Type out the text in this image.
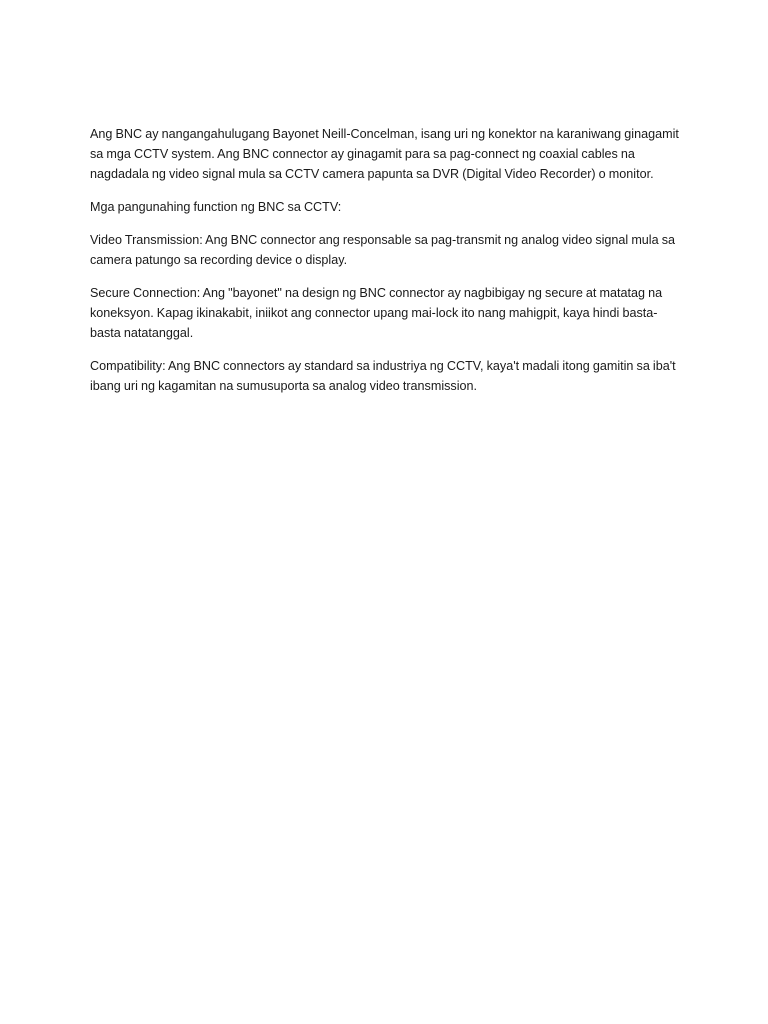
Ang BNC ay nangangahulugang Bayonet Neill-Concelman, isang uri ng konektor na karaniwang ginagamit sa mga CCTV system. Ang BNC connector ay ginagamit para sa pag-connect ng coaxial cables na nagdadala ng video signal mula sa CCTV camera papunta sa DVR (Digital Video Recorder) o monitor.

Mga pangunahing function ng BNC sa CCTV:

Video Transmission: Ang BNC connector ang responsable sa pag-transmit ng analog video signal mula sa camera patungo sa recording device o display.

Secure Connection: Ang "bayonet" na design ng BNC connector ay nagbibigay ng secure at matatag na koneksyon. Kapag ikinakabit, iniikot ang connector upang mai-lock ito nang mahigpit, kaya hindi basta-basta natatanggal.

Compatibility: Ang BNC connectors ay standard sa industriya ng CCTV, kaya't madali itong gamitin sa iba't ibang uri ng kagamitan na sumusuporta sa analog video transmission.
